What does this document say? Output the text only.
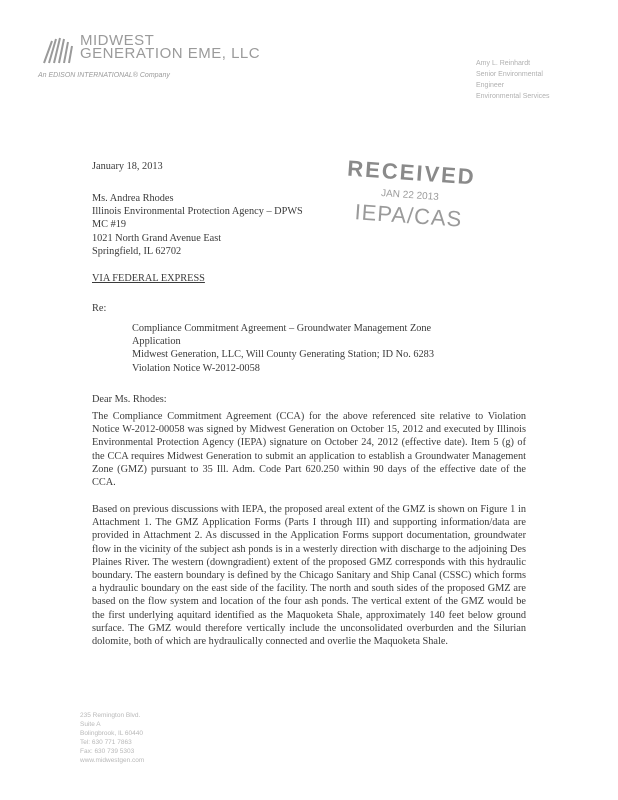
MIDWEST
GENERATION EME, LLC
An EDISON INTERNATIONAL® Company
Amy L. Reinhardt
Senior Environmental
Engineer
Environmental Services
RECEIVED
JAN 22 2013
IEPA/CAS
January 18, 2013
Ms. Andrea Rhodes
Illinois Environmental Protection Agency – DPWS
MC #19
1021 North Grand Avenue East
Springfield, IL 62702
VIA FEDERAL EXPRESS
Re:
Compliance Commitment Agreement – Groundwater Management Zone
Application
Midwest Generation, LLC, Will County Generating Station; ID No. 6283
Violation Notice W-2012-0058
Dear Ms. Rhodes:
The Compliance Commitment Agreement (CCA) for the above referenced site relative to Violation Notice W-2012-00058 was signed by Midwest Generation on October 15, 2012 and executed by Illinois Environmental Protection Agency (IEPA) signature on October 24, 2012 (effective date). Item 5 (g) of the CCA requires Midwest Generation to submit an application to establish a Groundwater Management Zone (GMZ) pursuant to 35 Ill. Adm. Code Part 620.250 within 90 days of the effective date of the CCA.
Based on previous discussions with IEPA, the proposed areal extent of the GMZ is shown on Figure 1 in Attachment 1. The GMZ Application Forms (Parts I through III) and supporting information/data are provided in Attachment 2. As discussed in the Application Forms support documentation, groundwater flow in the vicinity of the subject ash ponds is in a westerly direction with discharge to the adjoining Des Plaines River. The western (downgradient) extent of the proposed GMZ corresponds with this hydraulic boundary. The eastern boundary is defined by the Chicago Sanitary and Ship Canal (CSSC) which forms a hydraulic boundary on the east side of the facility. The north and south sides of the proposed GMZ are based on the flow system and location of the four ash ponds. The vertical extent of the GMZ would be the first underlying aquitard identified as the Maquoketa Shale, approximately 140 feet below ground surface. The GMZ would therefore vertically include the unconsolidated overburden and the Silurian dolomite, both of which are hydraulically connected and overlie the Maquoketa Shale.
235 Remington Blvd.
Suite A
Bolingbrook, IL 60440
Tel: 630 771 7863
Fax: 630 739 5303
www.midwestgen.com
